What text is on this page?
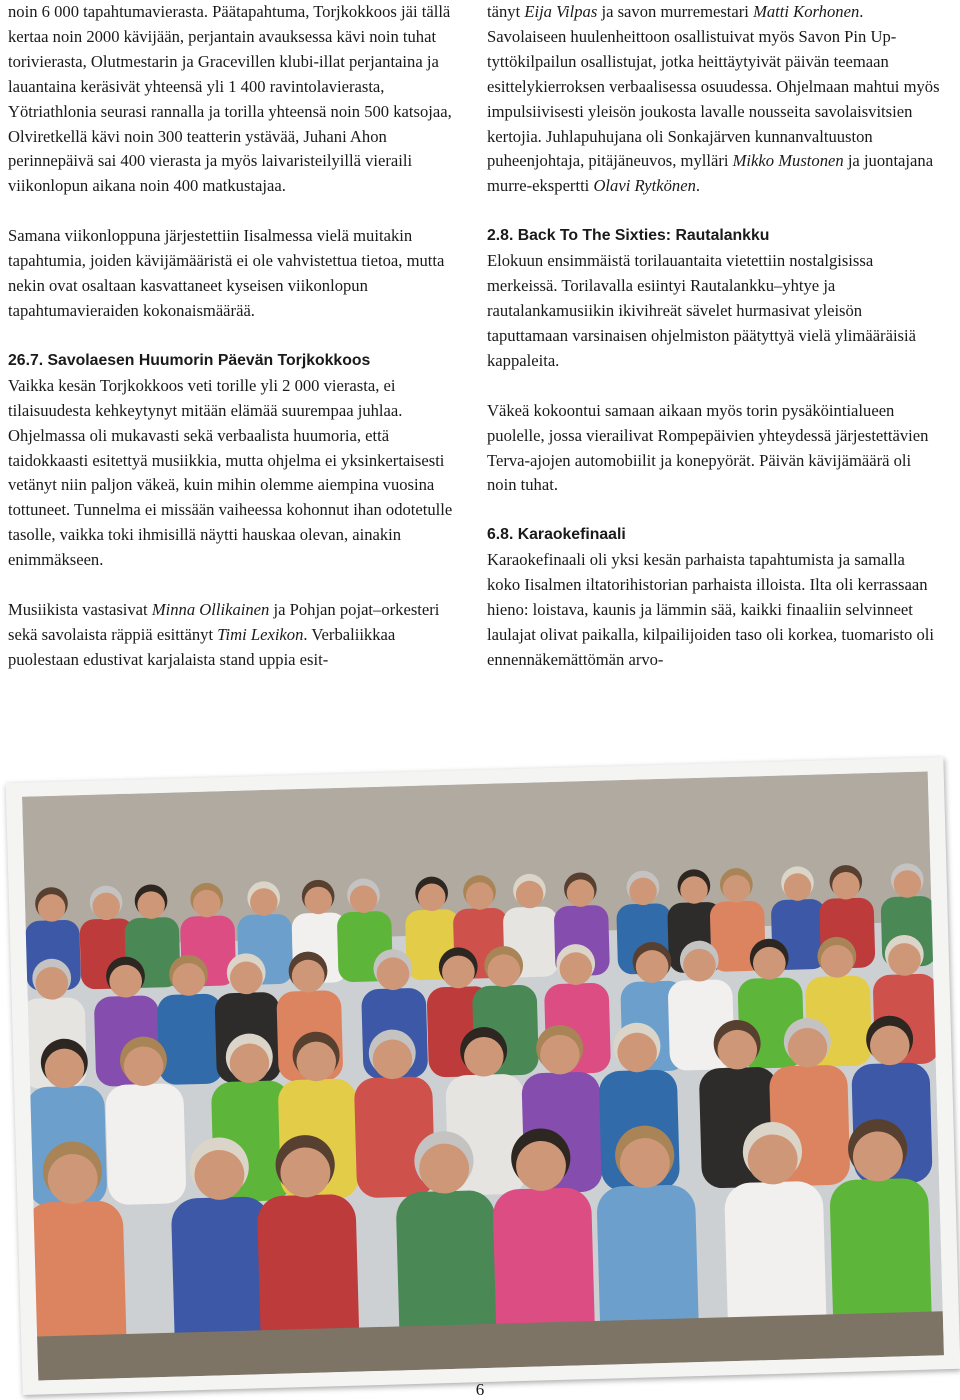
noin 6 000 tapahtumavierasta. Päätapahtuma, Torjkokkoos jäi tällä kertaa noin 2000 kävijään, perjantain avauksessa kävi noin tuhat torivierasta, Olutmestarin ja Gracevillen klubi-illat perjantaina ja lauantaina keräsivät yhteensä yli 1 400 ravintolavierasta, Yötriathlonia seurasi rannalla ja torilla yhteensä noin 500 katsojaa, Olviretkellä kävi noin 300 teatterin ystävää, Juhani Ahon perinnepäivä sai 400 vierasta ja myös laivaristeilyillä vieraili viikonlopun aikana noin 400 matkustajaa.

Samana viikonloppuna järjestettiin Iisalmessa vielä muitakin tapahtumia, joiden kävijämääristä ei ole vahvistettua tietoa, mutta nekin ovat osaltaan kasvattaneet kyseisen viikonlopun tapahtumavieraiden kokonaismäärää.

26.7. Savolaesen Huumorin Päevän Torjkokkoos

Vaikka kesän Torjkokkoos veti torille yli 2 000 vierasta, ei tilaisuudesta kehkeytynyt mitään elämää suurempaa juhlaa. Ohjelmassa oli mukavasti sekä verbaalista huumoria, että taidokkaasti esitettyä musiikkia, mutta ohjelma ei yksinkertaisesti vetänyt niin paljon väkeä, kuin mihin olemme aiempina vuosina tottuneet. Tunnelma ei missään vaiheessa kohonnut ihan odotetulle tasolle, vaikka toki ihmisillä näytti hauskaa olevan, ainakin enimmäkseen.

Musiikista vastasivat Minna Ollikainen ja Pohjan pojat–orkesteri sekä savolaista räppiä esittänyt Timi Lexikon. Verbaliikkaa puolestaan edustivat karjalaista stand uppia esit-

tänyt Eija Vilpas ja savon murremestari Matti Korhonen. Savolaiseen huulenheittoon osallistuivat myös Savon Pin Up-tyttökilpailun osallistujat, jotka heittäytyivät päivän teemaan esittelykierroksen verbaalisessa osuudessa. Ohjelmaan mahtui myös impulsiivisesti yleisön joukosta lavalle nousseita savolaisvitsien kertojia. Juhlapuhujana oli Sonkajärven kunnanvaltuuston puheenjohtaja, pitäjäneuvos, mylläri Mikko Mustonen ja juontajana murre-ekspertti Olavi Rytkönen.

2.8. Back To The Sixties: Rautalankku

Elokuun ensimmäistä torilauantaita vietettiin nostalgisissa merkeissä. Torilavalla esiintyi Rautalankku–yhtye ja rautalankamusiikin ikivihreät sävelet hurmasivat yleisön taputtamaan varsinaisen ohjelmiston päätyttyä vielä ylimääräisiä kappaleita.

Väkeä kokoontui samaan aikaan myös torin pysäköintialueen puolelle, jossa vierailivat Rompepäivien yhteydessä järjestettävien Terva-ajojen automobiilit ja konepyörät. Päivän kävijämäärä oli noin tuhat.

6.8. Karaokefinaali

Karaokefinaali oli yksi kesän parhaista tapahtumista ja samalla koko Iisalmen iltatorihistorian parhaista illoista. Ilta oli kerrassaan hieno: loistava, kaunis ja lämmin sää, kaikki finaaliin selvinneet laulajat olivat paikalla, kilpailijoiden taso oli korkea, tuomaristo oli ennennäkemättömän arvo-

6
